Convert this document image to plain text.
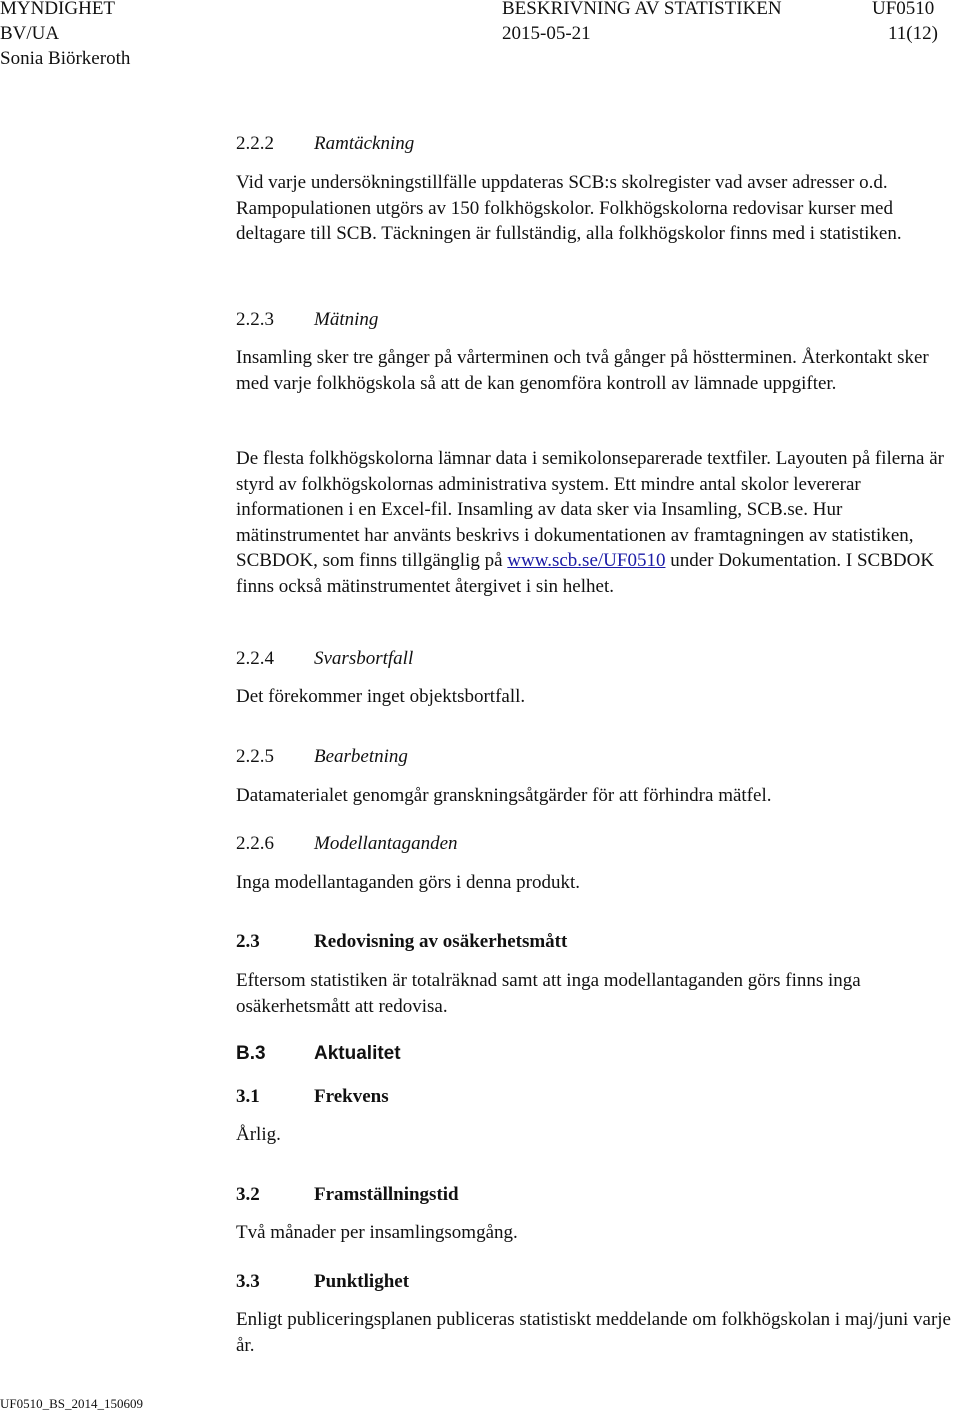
MYNDIGHET
BV/UA
Sonia Biörkeroth
BESKRIVNING AV STATISTIKEN
2015-05-21
UF0510
11(12)
2.2.2 Ramtäckning

Vid varje undersökningstillfälle uppdateras SCB:s skolregister vad avser adresser o.d. Rampopulationen utgörs av 150 folkhögskolor. Folkhögskolorna redovisar kurser med deltagare till SCB. Täckningen är fullständig, alla folkhögskolor finns med i statistiken.

2.2.3 Mätning

Insamling sker tre gånger på vårterminen och två gånger på höstterminen. Återkontakt sker med varje folkhögskola så att de kan genomföra kontroll av lämnade uppgifter.

De flesta folkhögskolorna lämnar data i semikolonseparerade textfiler. Layouten på filerna är styrd av folkhögskolornas administrativa system. Ett mindre antal skolor levererar informationen i en Excel-fil. Insamling av data sker via Insamling, SCB.se. Hur mätinstrumentet har använts beskrivs i dokumentationen av framtagningen av statistiken, SCBDOK, som finns tillgänglig på www.scb.se/UF0510 under Dokumentation. I SCBDOK finns också mätinstrumentet återgivet i sin helhet.

2.2.4 Svarsbortfall

Det förekommer inget objektsbortfall.

2.2.5 Bearbetning

Datamaterialet genomgår granskningsåtgärder för att förhindra mätfel.

2.2.6 Modellantaganden

Inga modellantaganden görs i denna produkt.

2.3	Redovisning av osäkerhetsmått

Eftersom statistiken är totalräknad samt att inga modellantaganden görs finns inga osäkerhetsmått att redovisa.

B.3	Aktualitet
3.1	Frekvens

Årlig.

3.2	Framställningstid

Två månader per insamlingsomgång.

3.3	Punktlighet

Enligt publiceringsplanen publiceras statistiskt meddelande om folkhögskolan i maj/juni varje år.

UF0510_BS_2014_150609
